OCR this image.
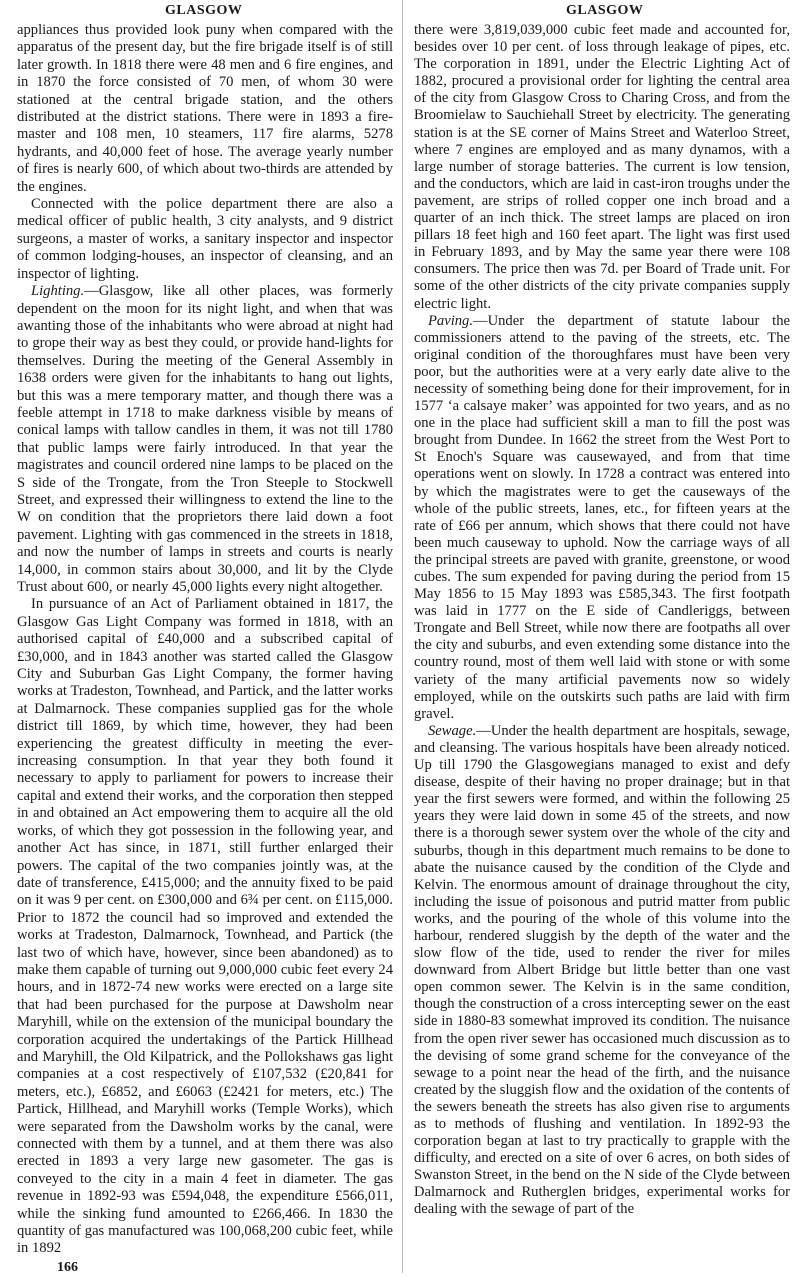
GLASGOW	GLASGOW

appliances thus provided look puny when compared with the apparatus of the present day, but the fire brigade itself is of still later growth. In 1818 there were 48 men and 6 fire engines, and in 1870 the force consisted of 70 men, of whom 30 were stationed at the central brigade station, and the others distributed at the district stations. There were in 1893 a fire-master and 108 men, 10 steamers, 117 fire alarms, 5278 hydrants, and 40,000 feet of hose. The average yearly number of fires is nearly 600, of which about two-thirds are attended by the engines.

Connected with the police department there are also a medical officer of public health, 3 city analysts, and 9 district surgeons, a master of works, a sanitary inspector and inspector of common lodging-houses, an inspector of cleansing, and an inspector of lighting.

Lighting.—Glasgow, like all other places, was formerly dependent on the moon for its night light, and when that was awanting those of the inhabitants who were abroad at night had to grope their way as best they could, or provide hand-lights for themselves. During the meeting of the General Assembly in 1638 orders were given for the inhabitants to hang out lights, but this was a mere temporary matter, and though there was a feeble attempt in 1718 to make darkness visible by means of conical lamps with tallow candles in them, it was not till 1780 that public lamps were fairly introduced. In that year the magistrates and council ordered nine lamps to be placed on the S side of the Trongate, from the Tron Steeple to Stockwell Street, and expressed their willingness to extend the line to the W on condition that the proprietors there laid down a foot pavement. Lighting with gas commenced in the streets in 1818, and now the number of lamps in streets and courts is nearly 14,000, in common stairs about 30,000, and lit by the Clyde Trust about 600, or nearly 45,000 lights every night altogether.

In pursuance of an Act of Parliament obtained in 1817, the Glasgow Gas Light Company was formed in 1818, with an authorised capital of £40,000 and a subscribed capital of £30,000, and in 1843 another was started called the Glasgow City and Suburban Gas Light Company, the former having works at Tradeston, Townhead, and Partick, and the latter works at Dalmarnock. These companies supplied gas for the whole district till 1869, by which time, however, they had been experiencing the greatest difficulty in meeting the ever-increasing consumption. In that year they both found it necessary to apply to parliament for powers to increase their capital and extend their works, and the corporation then stepped in and obtained an Act empowering them to acquire all the old works, of which they got possession in the following year, and another Act has since, in 1871, still further enlarged their powers. The capital of the two companies jointly was, at the date of transference, £415,000; and the annuity fixed to be paid on it was 9 per cent. on £300,000 and 6¾ per cent. on £115,000. Prior to 1872 the council had so improved and extended the works at Tradeston, Dalmarnock, Townhead, and Partick (the last two of which have, however, since been abandoned) as to make them capable of turning out 9,000,000 cubic feet every 24 hours, and in 1872-74 new works were erected on a large site that had been purchased for the purpose at Dawsholm near Maryhill, while on the extension of the municipal boundary the corporation acquired the undertakings of the Partick Hillhead and Maryhill, the Old Kilpatrick, and the Pollokshaws gas light companies at a cost respectively of £107,532 (£20,841 for meters, etc.), £6852, and £6063 (£2421 for meters, etc.) The Partick, Hillhead, and Maryhill works (Temple Works), which were separated from the Dawsholm works by the canal, were connected with them by a tunnel, and at them there was also erected in 1893 a very large new gasometer. The gas is conveyed to the city in a main 4 feet in diameter. The gas revenue in 1892-93 was £594,048, the expenditure £566,011, while the sinking fund amounted to £266,466. In 1830 the quantity of gas manufactured was 100,068,200 cubic feet, while in 1892

166

there were 3,819,039,000 cubic feet made and accounted for, besides over 10 per cent. of loss through leakage of pipes, etc. The corporation in 1891, under the Electric Lighting Act of 1882, procured a provisional order for lighting the central area of the city from Glasgow Cross to Charing Cross, and from the Broomielaw to Sauchiehall Street by electricity. The generating station is at the SE corner of Mains Street and Waterloo Street, where 7 engines are employed and as many dynamos, with a large number of storage batteries. The current is low tension, and the conductors, which are laid in cast-iron troughs under the pavement, are strips of rolled copper one inch broad and a quarter of an inch thick. The street lamps are placed on iron pillars 18 feet high and 160 feet apart. The light was first used in February 1893, and by May the same year there were 108 consumers. The price then was 7d. per Board of Trade unit. For some of the other districts of the city private companies supply electric light.

Paving.—Under the department of statute labour the commissioners attend to the paving of the streets, etc. The original condition of the thoroughfares must have been very poor, but the authorities were at a very early date alive to the necessity of something being done for their improvement, for in 1577 ‘a calsaye maker’ was appointed for two years, and as no one in the place had sufficient skill a man to fill the post was brought from Dundee. In 1662 the street from the West Port to St Enoch's Square was causewayed, and from that time operations went on slowly. In 1728 a contract was entered into by which the magistrates were to get the causeways of the whole of the public streets, lanes, etc., for fifteen years at the rate of £66 per annum, which shows that there could not have been much causeway to uphold. Now the carriage ways of all the principal streets are paved with granite, greenstone, or wood cubes. The sum expended for paving during the period from 15 May 1856 to 15 May 1893 was £585,343. The first footpath was laid in 1777 on the E side of Candleriggs, between Trongate and Bell Street, while now there are footpaths all over the city and suburbs, and even extending some distance into the country round, most of them well laid with stone or with some variety of the many artificial pavements now so widely employed, while on the outskirts such paths are laid with firm gravel.

Sewage.—Under the health department are hospitals, sewage, and cleansing. The various hospitals have been already noticed. Up till 1790 the Glasgowegians managed to exist and defy disease, despite of their having no proper drainage; but in that year the first sewers were formed, and within the following 25 years they were laid down in some 45 of the streets, and now there is a thorough sewer system over the whole of the city and suburbs, though in this department much remains to be done to abate the nuisance caused by the condition of the Clyde and Kelvin. The enormous amount of drainage throughout the city, including the issue of poisonous and putrid matter from public works, and the pouring of the whole of this volume into the harbour, rendered sluggish by the depth of the water and the slow flow of the tide, used to render the river for miles downward from Albert Bridge but little better than one vast open common sewer. The Kelvin is in the same condition, though the construction of a cross intercepting sewer on the east side in 1880-83 somewhat improved its condition. The nuisance from the open river sewer has occasioned much discussion as to the devising of some grand scheme for the conveyance of the sewage to a point near the head of the firth, and the nuisance created by the sluggish flow and the oxidation of the contents of the sewers beneath the streets has also given rise to arguments as to methods of flushing and ventilation. In 1892-93 the corporation began at last to try practically to grapple with the difficulty, and erected on a site of over 6 acres, on both sides of Swanston Street, in the bend on the N side of the Clyde between Dalmarnock and Rutherglen bridges, experimental works for dealing with the sewage of part of the
